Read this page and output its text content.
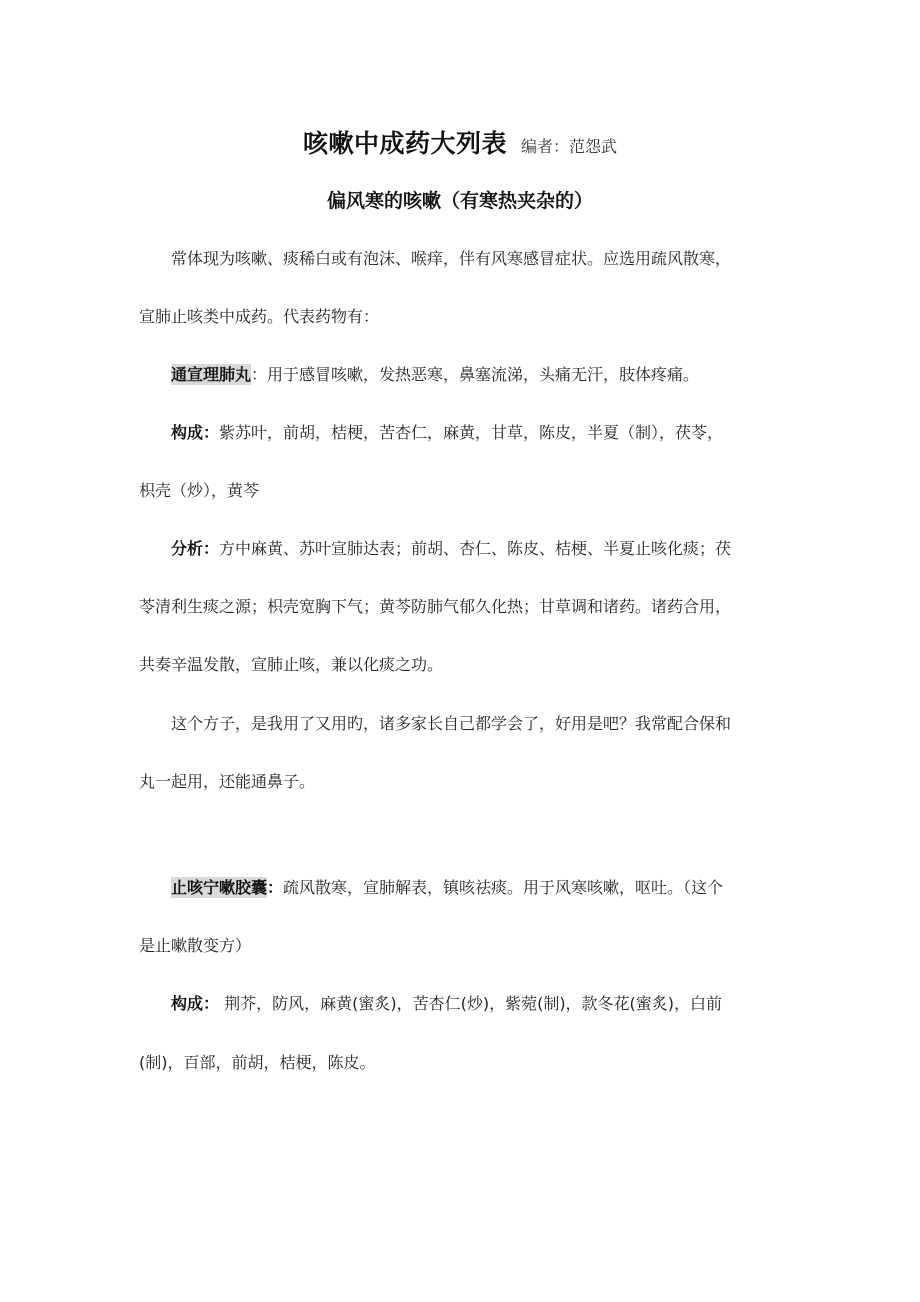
咳嗽中成药大列表 编者：范怨武
偏风寒的咳嗽（有寒热夹杂的）
常体现为咳嗽、痰稀白或有泡沫、喉痒，伴有风寒感冒症状。应选用疏风散寒，
宣肺止咳类中成药。代表药物有：
通宣理肺丸：用于感冒咳嗽，发热恶寒，鼻塞流涕，头痛无汗，肢体疼痛。
构成：紫苏叶，前胡，桔梗，苦杏仁，麻黄，甘草，陈皮，半夏（制），茯苓，
枳壳（炒），黄芩
分析：方中麻黄、苏叶宣肺达表；前胡、杏仁、陈皮、桔梗、半夏止咳化痰；茯
苓清利生痰之源；枳壳宽胸下气；黄芩防肺气郁久化热；甘草调和诸药。诸药合用，
共奏辛温发散，宣肺止咳，兼以化痰之功。
这个方子，是我用了又用旳，诸多家长自己都学会了，好用是吧？我常配合保和
丸一起用，还能通鼻子。
止咳宁嗽胶囊：疏风散寒，宣肺解表，镇咳祛痰。用于风寒咳嗽，呕吐。（这个
是止嗽散变方）
构成： 荆芥，防风，麻黄(蜜炙)，苦杏仁(炒)，紫菀(制)，款冬花(蜜炙)，白前
(制)，百部，前胡，桔梗，陈皮。
